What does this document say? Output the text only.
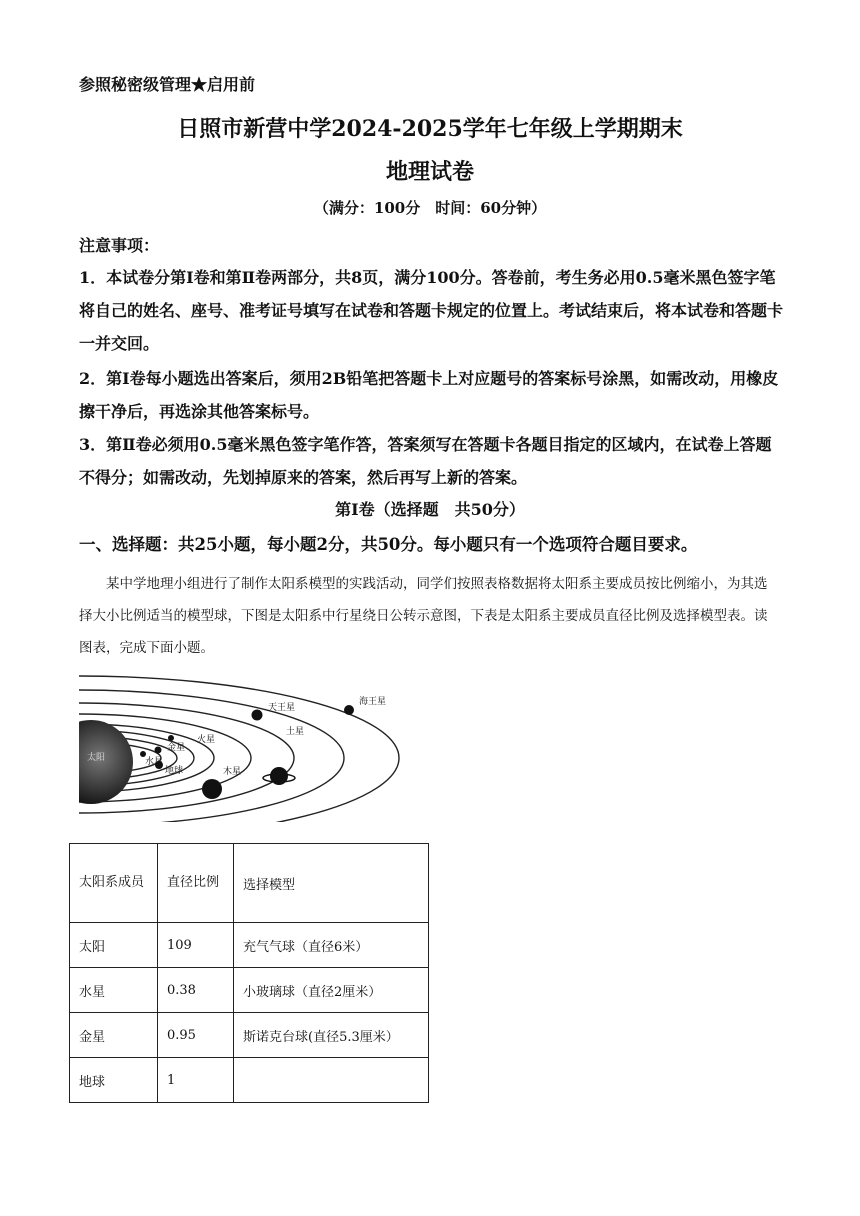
参照秘密级管理★启用前
日照市新营中学2024-2025学年七年级上学期期末
地理试卷
（满分：100分　时间：60分钟）
注意事项：
1．本试卷分第Ⅰ卷和第Ⅱ卷两部分，共8页，满分100分。答卷前，考生务必用0.5毫米黑色签字笔将自己的姓名、座号、准考证号填写在试卷和答题卡规定的位置上。考试结束后，将本试卷和答题卡一并交回。
2．第Ⅰ卷每小题选出答案后，须用2B铅笔把答题卡上对应题号的答案标号涂黑，如需改动，用橡皮擦干净后，再选涂其他答案标号。
3．第Ⅱ卷必须用0.5毫米黑色签字笔作答，答案须写在答题卡各题目指定的区域内，在试卷上答题不得分；如需改动，先划掉原来的答案，然后再写上新的答案。
第Ⅰ卷（选择题　共50分）
一、选择题：共25小题，每小题2分，共50分。每小题只有一个选项符合题目要求。
某中学地理小组进行了制作太阳系模型的实践活动，同学们按照表格数据将太阳系主要成员按比例缩小，为其选择大小比例适当的模型球，下图是太阳系中行星绕日公转示意图，下表是太阳系主要成员直径比例及选择模型表。读图表，完成下面小题。
海王星
天王星
土星
木星
火星
地球
金星
水星
太阳
太阳系成员	直径比例	选择模型
太阳	109	充气气球（直径6米）
水星	0.38	小玻璃球（直径2厘米）
金星	0.95	斯诺克台球(直径5.3厘米）
地球	1	
